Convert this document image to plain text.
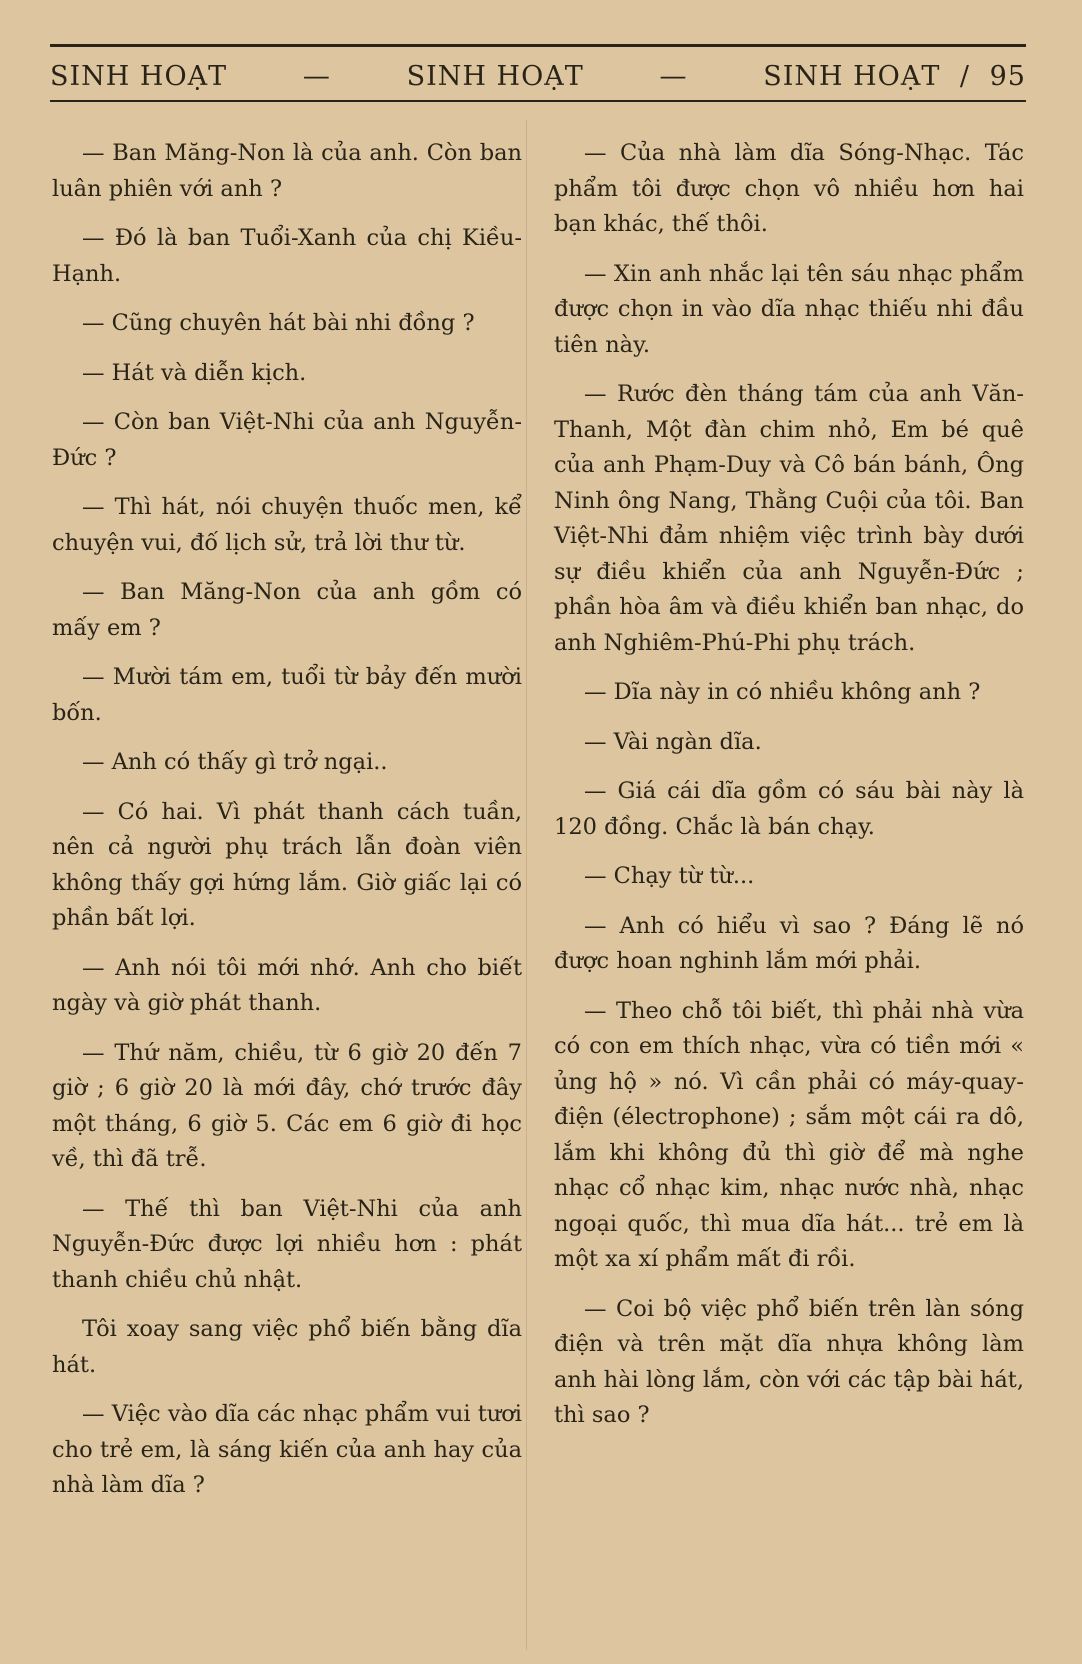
SINH HOẠT	—	SINH HOẠT	—	SINH HOẠT / 95

— Ban Măng-Non là của anh. Còn ban luân phiên với anh ?

— Đó là ban Tuổi-Xanh của chị Kiều-Hạnh.

— Cũng chuyên hát bài nhi đồng ?

— Hát và diễn kịch.

— Còn ban Việt-Nhi của anh Nguyễn-Đức ?

— Thì hát, nói chuyện thuốc men, kể chuyện vui, đố lịch sử, trả lời thư từ.

— Ban Măng-Non của anh gồm có mấy em ?

— Mười tám em, tuổi từ bảy đến mười bốn.

— Anh có thấy gì trở ngại..

— Có hai. Vì phát thanh cách tuần, nên cả người phụ trách lẫn đoàn viên không thấy gợi hứng lắm. Giờ giấc lại có phần bất lợi.

— Anh nói tôi mới nhớ. Anh cho biết ngày và giờ phát thanh.

— Thứ năm, chiều, từ 6 giờ 20 đến 7 giờ ; 6 giờ 20 là mới đây, chớ trước đây một tháng, 6 giờ 5. Các em 6 giờ đi học về, thì đã trễ.

— Thế thì ban Việt-Nhi của anh Nguyễn-Đức được lợi nhiều hơn : phát thanh chiều chủ nhật.

Tôi xoay sang việc phổ biến bằng dĩa hát.

— Việc vào dĩa các nhạc phẩm vui tươi cho trẻ em, là sáng kiến của anh hay của nhà làm dĩa ?

— Của nhà làm dĩa Sóng-Nhạc. Tác phẩm tôi được chọn vô nhiều hơn hai bạn khác, thế thôi.

— Xin anh nhắc lại tên sáu nhạc phẩm được chọn in vào dĩa nhạc thiếu nhi đầu tiên này.

— Rước đèn tháng tám của anh Văn-Thanh, Một đàn chim nhỏ, Em bé quê của anh Phạm-Duy và Cô bán bánh, Ông Ninh ông Nang, Thằng Cuội của tôi. Ban Việt-Nhi đảm nhiệm việc trình bày dưới sự điều khiển của anh Nguyễn-Đức ; phần hòa âm và điều khiển ban nhạc, do anh Nghiêm-Phú-Phi phụ trách.

— Dĩa này in có nhiều không anh ?

— Vài ngàn dĩa.

— Giá cái dĩa gồm có sáu bài này là 120 đồng. Chắc là bán chạy.

— Chạy từ từ...

— Anh có hiểu vì sao ? Đáng lẽ nó được hoan nghinh lắm mới phải.

— Theo chỗ tôi biết, thì phải nhà vừa có con em thích nhạc, vừa có tiền mới « ủng hộ » nó. Vì cần phải có máy-quay-điện (électrophone) ; sắm một cái ra dô, lắm khi không đủ thì giờ để mà nghe nhạc cổ nhạc kim, nhạc nước nhà, nhạc ngoại quốc, thì mua dĩa hát... trẻ em là một xa xí phẩm mất đi rồi.

— Coi bộ việc phổ biến trên làn sóng điện và trên mặt dĩa nhựa không làm anh hài lòng lắm, còn với các tập bài hát, thì sao ?
